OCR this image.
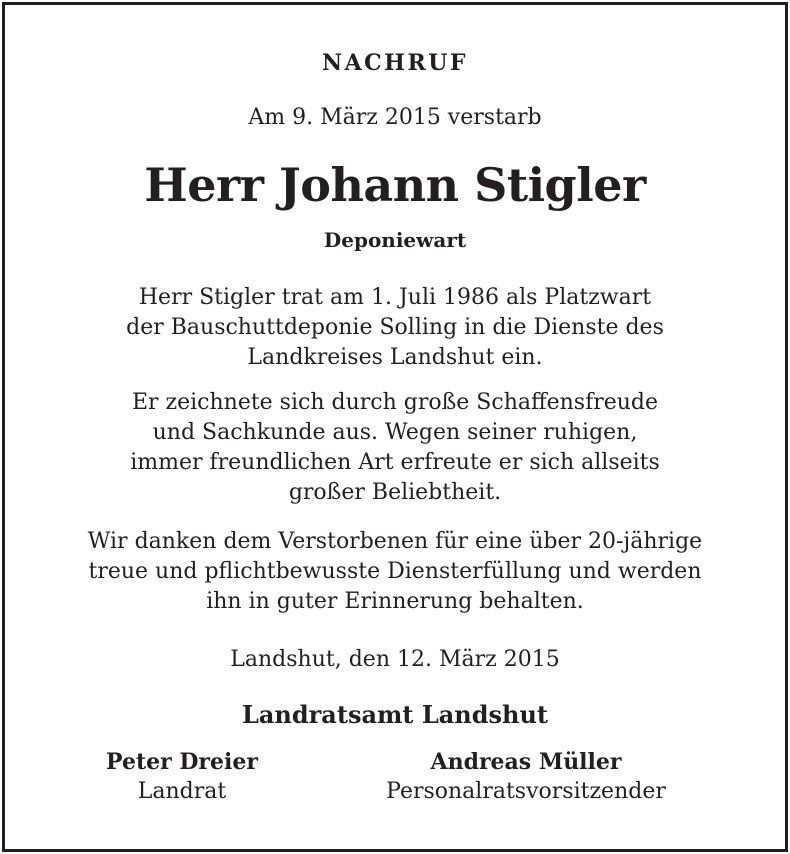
NACHRUF
Am 9. März 2015 verstarb
Herr Johann Stigler
Deponiewart
Herr Stigler trat am 1. Juli 1986 als Platzwart
der Bauschuttdeponie Solling in die Dienste des
Landkreises Landshut ein.
Er zeichnete sich durch große Schaffensfreude
und Sachkunde aus. Wegen seiner ruhigen,
immer freundlichen Art erfreute er sich allseits
großer Beliebtheit.
Wir danken dem Verstorbenen für eine über 20-jährige
treue und pflichtbewusste Diensterfüllung und werden
ihn in guter Erinnerung behalten.
Landshut, den 12. März 2015
Landratsamt Landshut
Peter Dreier
Landrat
Andreas Müller
Personalratsvorsitzender
